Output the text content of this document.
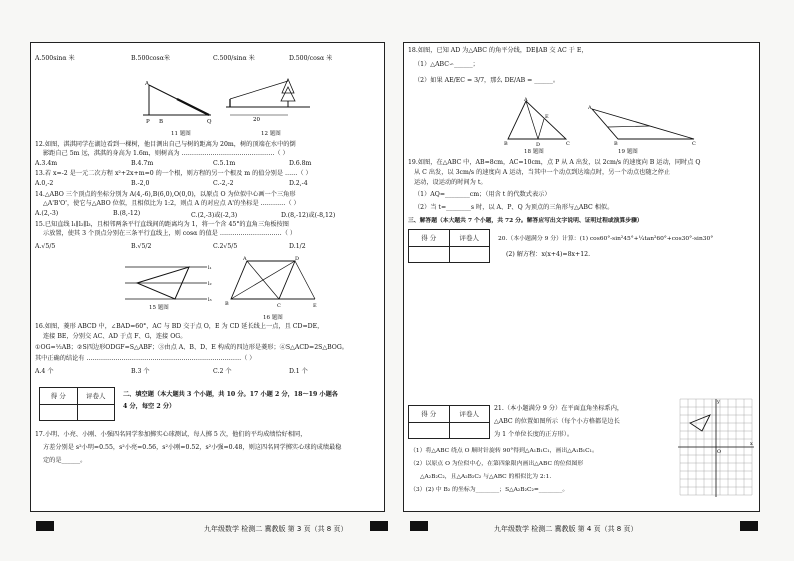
A.500sinα 米	B.500cosα米	C.500/sinα 米	D.500/cosα 米
A
P	Q
B
11 题图
20
12 题图
12.如图，淇淇同学在湖边看到一棵树，他目测出自己与树的距离为 20m，树的顶端在水中的倒
影距自己 5m 远，淇淇的身高为 1.6m，则树高为 ………………………………………（ ）
A.3.4m	B.4.7m	C.5.1m	D.6.8m
13.若 x=-2 是一元二次方程 x²+2x+m=0 的一个根，则方程的另一个根及 m 的值分别是 ……（ ）
A.0,-2	B.-2,0	C.-2,-2	D.2,-4
14.△ABO 三个顶点的坐标分别为 A(4,-6),B(6,0),O(0,0)，以原点 O 为位似中心画一个三角形
△A'B'O'，使它与△ABO 位似，且相似比为 1:2，则点 A 的对应点 A'的坐标是 …………（ ）
A.(2,-3)	B.(8,-12)	C.(2,-3)或(-2,3)	D.(8,-12)或(-8,12)
15.已知直线 l₁∥l₂∥l₃，且相邻两条平行直线间的距离均为 1，将一个含 45°的直角三角板按图
示放置，使其 3 个顶点分别在三条平行直线上，则 cosα 的值是 …………………………（ ）
A.√5/5	B.√5/2	C.2√5/5	D.1/2
l₁
l₂
l₃
15 题图
A	D
B	C	E
16 题图
16.如图，菱形 ABCD 中，∠BAD=60°，AC 与 BD 交于点 O，E 为 CD 延长线上一点，且 CD=DE，
连接 BE，分别交 AC、AD 于点 F、G，连接 OG。
①OG=½AB；②S四边形ODGF=S△ABF；③由点 A、B、D、E 构成的四边形是菱形；④S△ACD=2S△BOG。
其中正确的结论有 …………………………………………………………………（ ）
A.4 个	B.3 个	C.2 个	D.1 个
得 分	评卷人	二、填空题（本大题共 3 个小题，共 10 分。17 小题 2 分，18～19 小题各
4 分，每空 2 分）
17.小明、小亮、小刚、小强四名同学参加掷实心球测试，每人掷 5 次，他们的平均成绩恰好相同，
方差分别是 s²小明=0.55，s²小亮=0.56，s²小刚=0.52，s²小强=0.48，则这四名同学掷实心球的成绩最稳
定的是______。
九年级数学 检测二 冀教版 第 3 页（共 8 页）
18.如图，已知 AD 为△ABC 的角平分线，DE∥AB 交 AC 于 E，
（1）△ABC∽______；
（2）如果 AE/EC = 3/7，那么 DE/AB = ______。
A
B	D	C
E
18 题图
A
B	C
19 题图
19.如图，在△ABC 中，AB=8cm，AC=10cm，点 P 从 A 出发，以 2cm/s 的速度向 B 运动，同时点 Q
从 C 出发，以 3cm/s 的速度向 A 运动，当其中一个动点到达端点时，另一个动点也随之停止
运动，设运动的时间为 t。
（1）AQ=________cm；（用含 t 的代数式表示）
（2）当 t=________s 时，以 A、P、Q 为顶点的三角形与△ABC 相似。
三、解答题（本大题共 7 个小题，共 72 分。解答应写出文字说明、证明过程或演算步骤）
得 分	评卷人	20.（本小题满分 9 分）计算：(1) cos60°-sin²45°+¼tan²60°+cos30°-sin30°
(2) 解方程：x(x+4)=8x+12.
得 分	评卷人
21.（本小题满分 9 分）在平面直角坐标系内，
△ABC 的位置如图所示（每个小方格都是边长
为 1 个单位长度的正方形）。
（1）将△ABC 绕点 O 顺时针旋转 90°得到△A₁B₁C₁，画出△A₁B₁C₁。
（2）以原点 O 为位似中心，在第四象限内画出△ABC 的位似图形
△A₂B₂C₂，且△A₂B₂C₂ 与△ABC 的相似比为 2:1.
（3）(2) 中 B₂ 的坐标为________；S△A₂B₂C₂=________。
O
y
x
九年级数学 检测二 冀教版 第 4 页（共 8 页）
